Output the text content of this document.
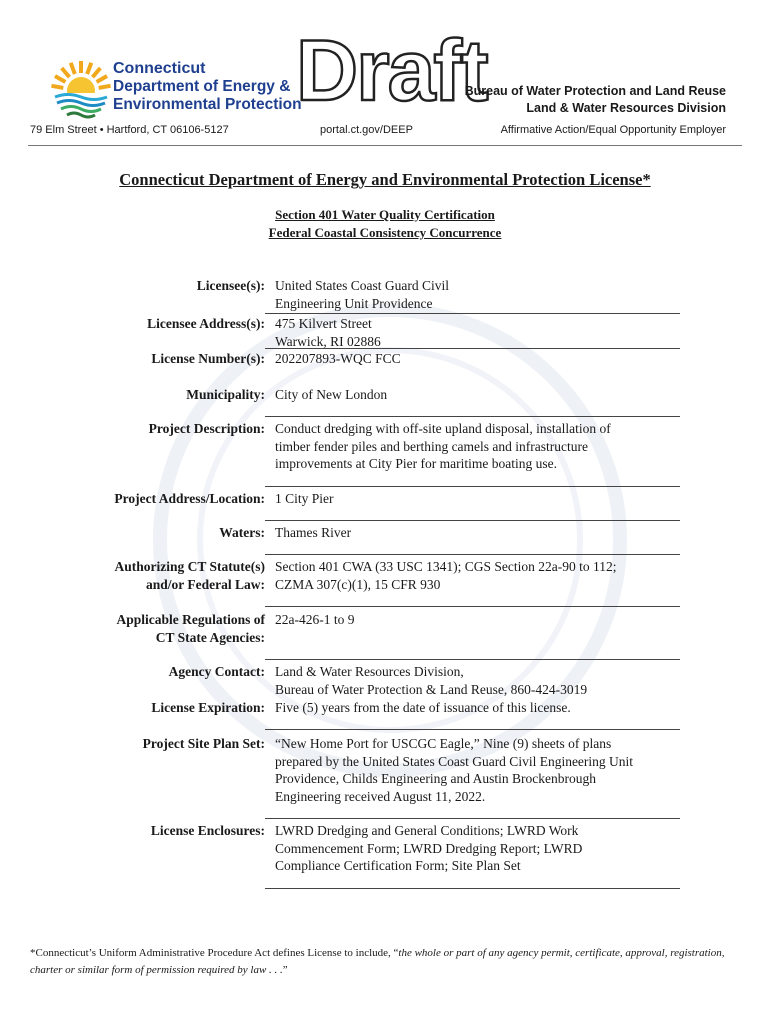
Connecticut
Department of Energy &
Environmental Protection
Draft
Bureau of Water Protection and Land Reuse
Land & Water Resources Division
79 Elm Street • Hartford, CT 06106-5127	portal.ct.gov/DEEP	Affirmative Action/Equal Opportunity Employer
Connecticut Department of Energy and Environmental Protection License*
Section 401 Water Quality Certification
Federal Coastal Consistency Concurrence
Licensee(s): United States Coast Guard Civil
Engineering Unit Providence
Licensee Address(s): 475 Kilvert Street
Warwick, RI 02886
License Number(s): 202207893-WQC FCC
Municipality: City of New London
Project Description: Conduct dredging with off-site upland disposal, installation of
timber fender piles and berthing camels and infrastructure
improvements at City Pier for maritime boating use.
Project Address/Location: 1 City Pier
Waters: Thames River
Authorizing CT Statute(s)
and/or Federal Law:
Section 401 CWA (33 USC 1341); CGS Section 22a-90 to 112;
CZMA 307(c)(1), 15 CFR 930
Applicable Regulations of
CT State Agencies:
22a-426-1 to 9
Agency Contact: Land & Water Resources Division,
Bureau of Water Protection & Land Reuse, 860-424-3019
License Expiration: Five (5) years from the date of issuance of this license.
Project Site Plan Set: “New Home Port for USCGC Eagle,” Nine (9) sheets of plans
prepared by the United States Coast Guard Civil Engineering Unit
Providence, Childs Engineering and Austin Brockenbrough
Engineering received August 11, 2022.
License Enclosures: LWRD Dredging and General Conditions; LWRD Work
Commencement Form; LWRD Dredging Report; LWRD
Compliance Certification Form; Site Plan Set
*Connecticut’s Uniform Administrative Procedure Act defines License to include, “the whole or part of any agency permit, certificate, approval, registration, charter or similar form of permission required by law . . .”
